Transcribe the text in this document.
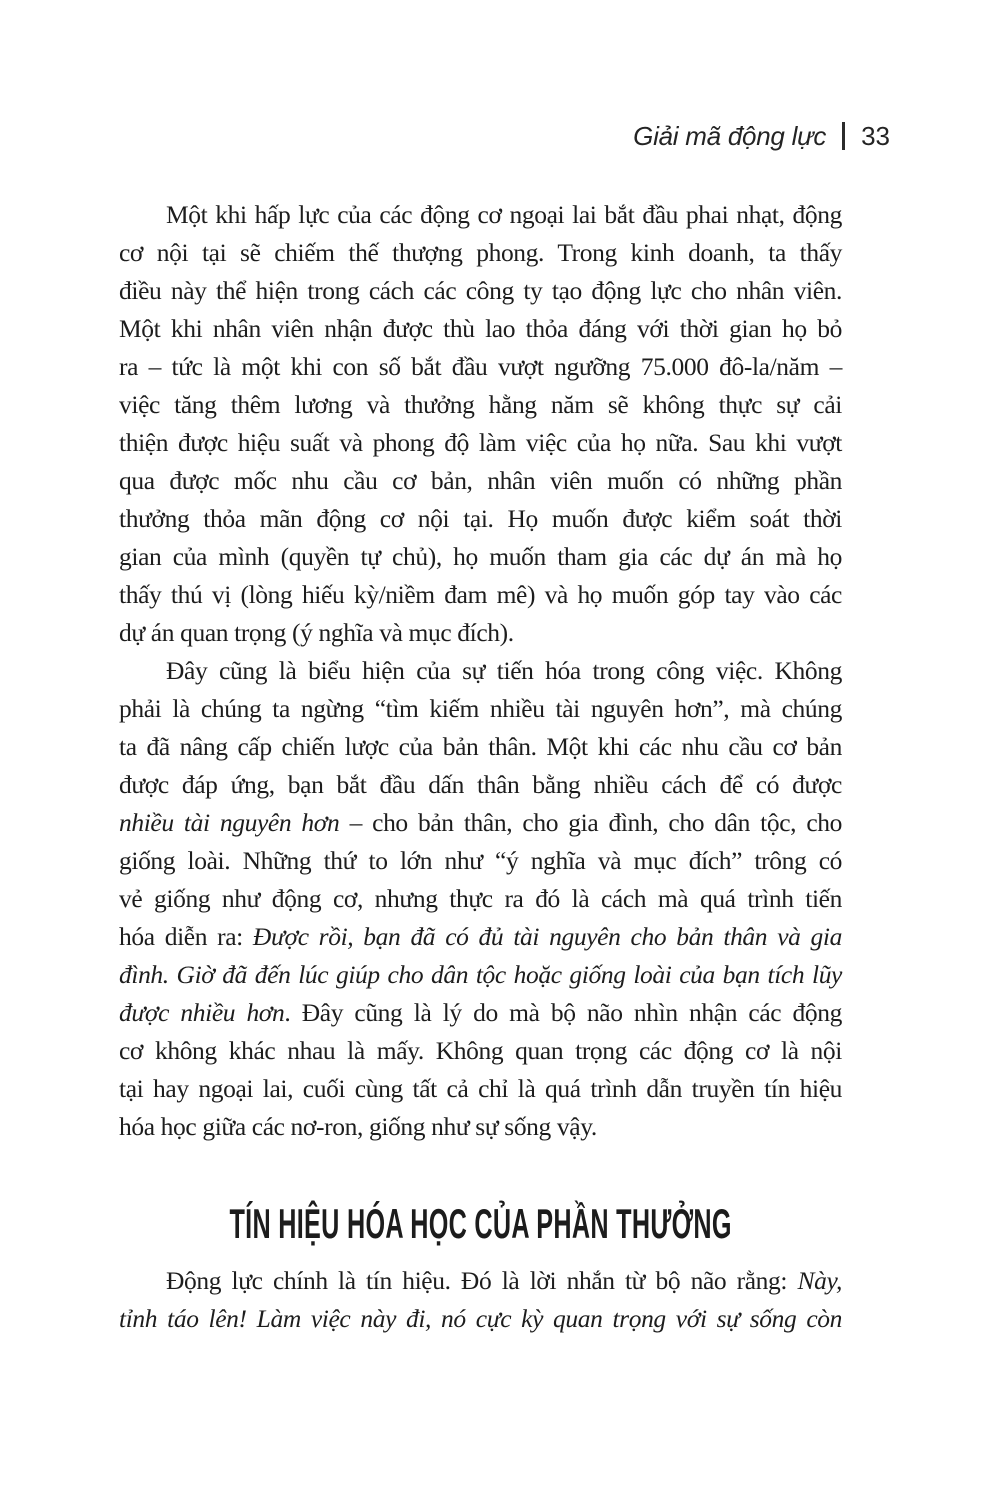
Giải mã động lực 33
Một khi hấp lực của các động cơ ngoại lai bắt đầu phai nhạt, động
cơ nội tại sẽ chiếm thế thượng phong. Trong kinh doanh, ta thấy
điều này thể hiện trong cách các công ty tạo động lực cho nhân viên.
Một khi nhân viên nhận được thù lao thỏa đáng với thời gian họ bỏ
ra – tức là một khi con số bắt đầu vượt ngưỡng 75.000 đô-la/năm –
việc tăng thêm lương và thưởng hằng năm sẽ không thực sự cải
thiện được hiệu suất và phong độ làm việc của họ nữa. Sau khi vượt
qua được mốc nhu cầu cơ bản, nhân viên muốn có những phần
thưởng thỏa mãn động cơ nội tại. Họ muốn được kiểm soát thời
gian của mình (quyền tự chủ), họ muốn tham gia các dự án mà họ
thấy thú vị (lòng hiếu kỳ/niềm đam mê) và họ muốn góp tay vào các
dự án quan trọng (ý nghĩa và mục đích).
Đây cũng là biểu hiện của sự tiến hóa trong công việc. Không
phải là chúng ta ngừng “tìm kiếm nhiều tài nguyên hơn”, mà chúng
ta đã nâng cấp chiến lược của bản thân. Một khi các nhu cầu cơ bản
được đáp ứng, bạn bắt đầu dấn thân bằng nhiều cách để có được
nhiều tài nguyên hơn – cho bản thân, cho gia đình, cho dân tộc, cho
giống loài. Những thứ to lớn như “ý nghĩa và mục đích” trông có
vẻ giống như động cơ, nhưng thực ra đó là cách mà quá trình tiến
hóa diễn ra: Được rồi, bạn đã có đủ tài nguyên cho bản thân và gia
đình. Giờ đã đến lúc giúp cho dân tộc hoặc giống loài của bạn tích lũy
được nhiều hơn. Đây cũng là lý do mà bộ não nhìn nhận các động
cơ không khác nhau là mấy. Không quan trọng các động cơ là nội
tại hay ngoại lai, cuối cùng tất cả chỉ là quá trình dẫn truyền tín hiệu
hóa học giữa các nơ-ron, giống như sự sống vậy.
TÍN HIỆU HÓA HỌC CỦA PHẦN THƯỞNG
Động lực chính là tín hiệu. Đó là lời nhắn từ bộ não rằng: Này,
tỉnh táo lên! Làm việc này đi, nó cực kỳ quan trọng với sự sống còn
